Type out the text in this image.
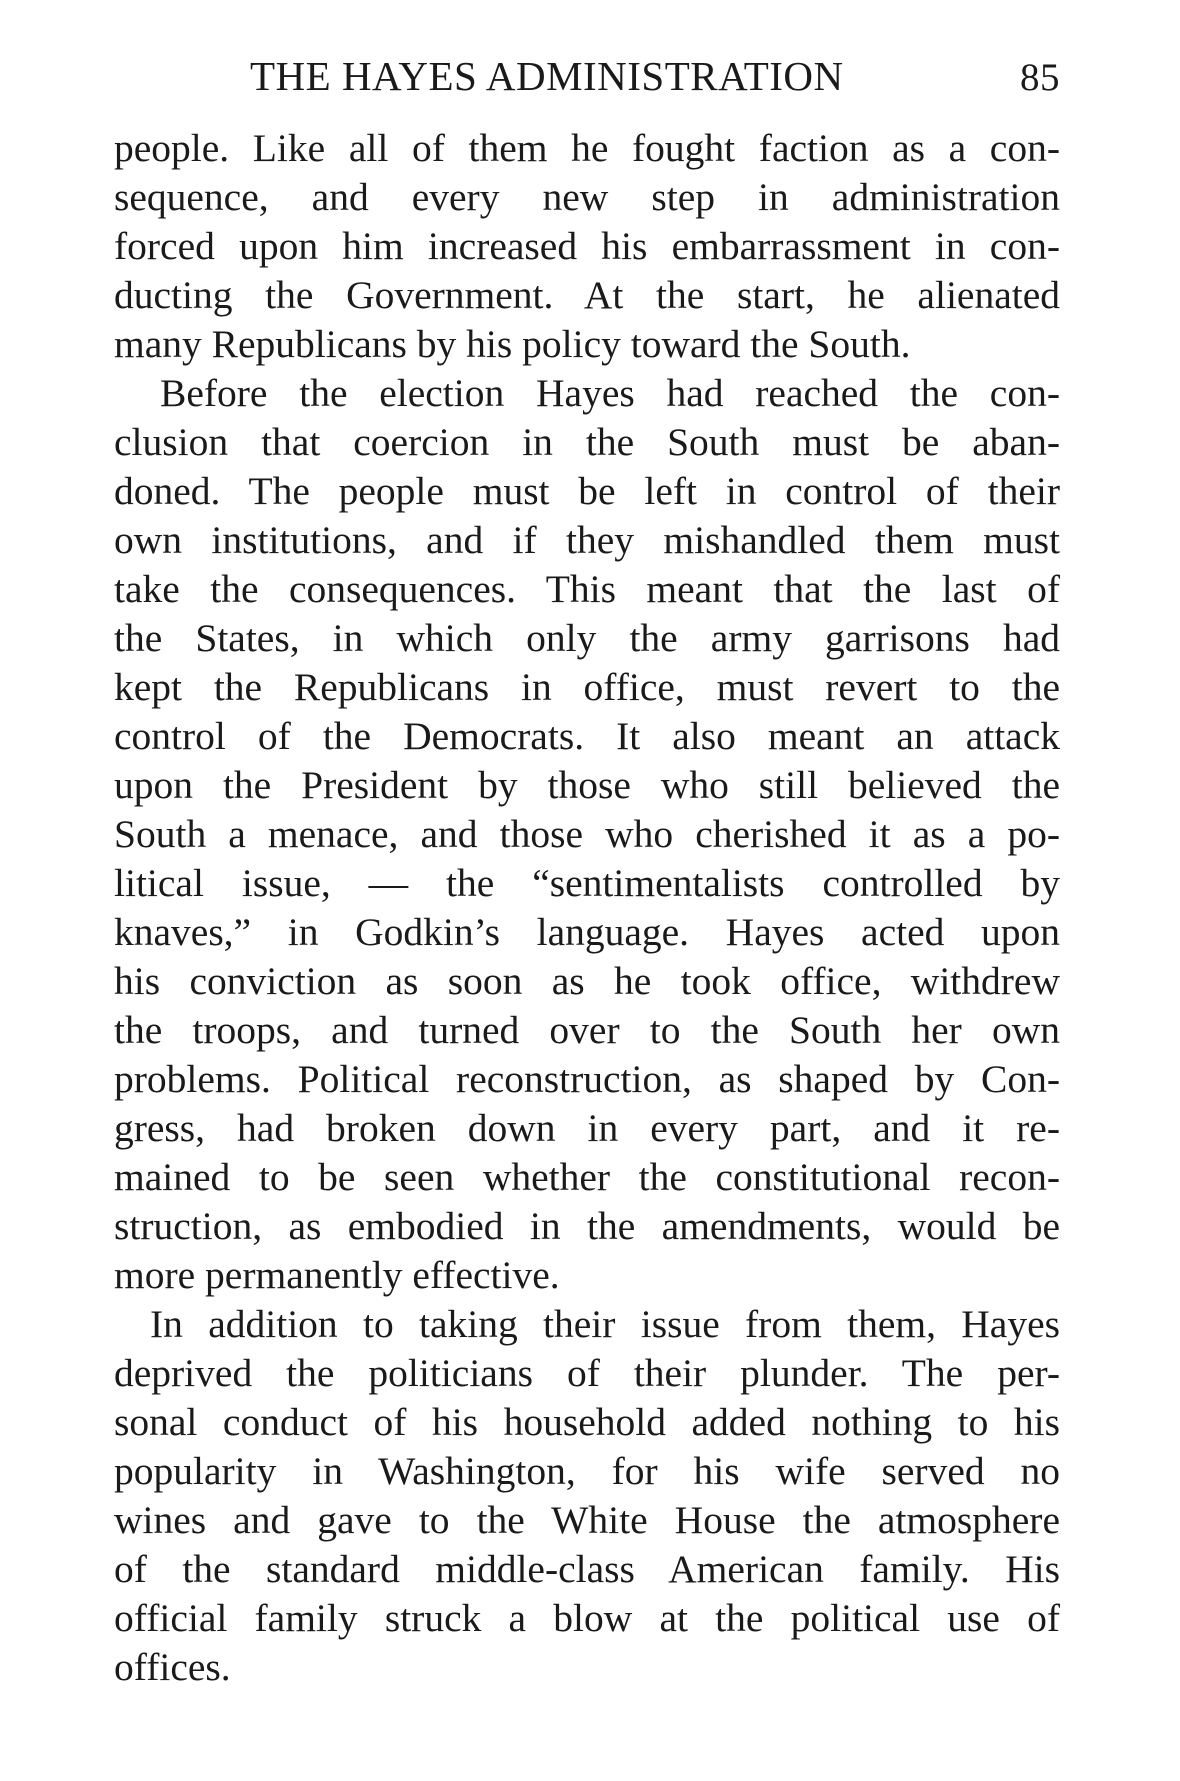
THE HAYES ADMINISTRATION	85
people. Like all of them he fought faction as a con-
sequence, and every new step in administration
forced upon him increased his embarrassment in con-
ducting the Government. At the start, he alienated
many Republicans by his policy toward the South.
Before the election Hayes had reached the con-
clusion that coercion in the South must be aban-
doned. The people must be left in control of their
own institutions, and if they mishandled them must
take the consequences. This meant that the last of
the States, in which only the army garrisons had
kept the Republicans in office, must revert to the
control of the Democrats. It also meant an attack
upon the President by those who still believed the
South a menace, and those who cherished it as a po-
litical issue, — the “sentimentalists controlled by
knaves,” in Godkin’s language. Hayes acted upon
his conviction as soon as he took office, withdrew
the troops, and turned over to the South her own
problems. Political reconstruction, as shaped by Con-
gress, had broken down in every part, and it re-
mained to be seen whether the constitutional recon-
struction, as embodied in the amendments, would be
more permanently effective.
In addition to taking their issue from them, Hayes
deprived the politicians of their plunder. The per-
sonal conduct of his household added nothing to his
popularity in Washington, for his wife served no
wines and gave to the White House the atmosphere
of the standard middle-class American family. His
official family struck a blow at the political use of
offices.
